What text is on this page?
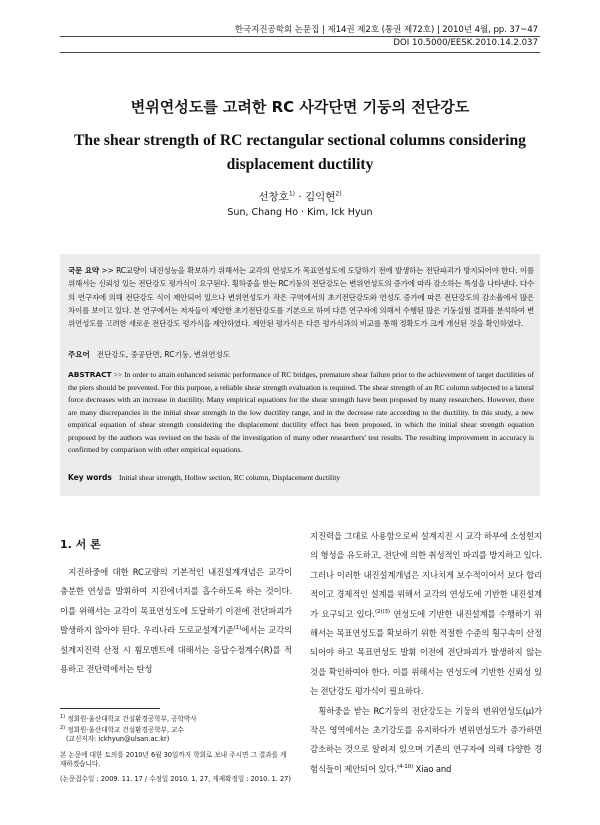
한국지진공학회 논문집 | 제14권 제2호 (통권 제72호) | 2010년 4월, pp. 37~47
DOI 10.5000/EESK.2010.14.2.037
변위연성도를 고려한 RC 사각단면 기둥의 전단강도
The shear strength of RC rectangular sectional columns considering displacement ductility
선창호$^{1)}$ · 김익현$^{2)}$
Sun, Chang Ho · Kim, Ick Hyun
국문 요약 >> RC교량이 내진성능을 확보하기 위해서는 교각의 연성도가 목표연성도에 도달하기 전에 발생하는 전단파괴가 방지되어야 한다. 이를 위해서는 신뢰성 있는 전단강도 평가식이 요구된다. 횡하중을 받는 RC기둥의 전단강도는 변위연성도의 증가에 따라 감소하는 특성을 나타낸다. 다수의 연구자에 의해 전단강도 식이 제안되어 있으나 변위연성도가 작은 구역에서의 초기전단강도와 연성도 증가에 따른 전단강도의 감소율에서 많은 차이를 보이고 있다. 본 연구에서는 저자들이 제안한 초기전단강도를 기본으로 하여 다른 연구자에 의해서 수행된 많은 기둥실험 결과를 분석하여 변위연성도를 고려한 새로운 전단강도 평가식을 제안하였다. 제안된 평가식은 다른 평가식과의 비교를 통해 정확도가 크게 개선된 것을 확인하였다.
주요어 전단강도, 중공단면, RC기둥, 변위연성도
ABSTRACT >> In order to attain enhanced seismic performance of RC bridges, premature shear failure prior to the achievement of target ductilities of the piers should be prevented. For this purpose, a reliable shear strength evaluation is required. The shear strength of an RC column subjected to a lateral force decreases with an increase in ductility. Many empirical equations for the shear strength have been proposed by many researchers. However, there are many discrepancies in the initial shear strength in the low ductility range, and in the decrease rate according to the ductility. In this study, a new empirical equation of shear strength considering the displacement ductility effect has been proposed, in which the initial shear strength equation proposed by the authors was revised on the basis of the investigation of many other researchers' test results. The resulting improvement in accuracy is confirmed by comparison with other empirical equations.
Key words Initial shear strength, Hollow section, RC column, Displacement ductility
1. 서 론

지진하중에 대한 RC교량의 기본적인 내진설계개념은 교각이 충분한 연성을 발휘하여 지진에너지를 흡수하도록 하는 것이다. 이를 위해서는 교각이 목표연성도에 도달하기 이전에 전단파괴가 발생하지 않아야 된다. 우리나라 도로교설계기준$^{(1)}$에서는 교각의 설계지진력 산정 시 휨모멘트에 대해서는 응답수정계수(R)를 적용하고 전단력에서는 탄성

지진력을 그대로 사용함으로써 설계지진 시 교각 하부에 소성힌지의 형성을 유도하고, 전단에 의한 취성적인 파괴를 방지하고 있다. 그러나 이러한 내진설계개념은 지나치게 보수적이어서 보다 합리적이고 경제적인 설계를 위해서 교각의 연성도에 기반한 내진설계가 요구되고 있다.$^{(2)(3)}$ 연성도에 기반한 내진설계를 수행하기 위해서는 목표연성도를 확보하기 위한 적절한 수준의 횡구속이 산정되어야 하고 목표연성도 발휘 이전에 전단파괴가 발생하지 않는 것을 확인하여야 한다. 이를 위해서는 연성도에 기반한 신뢰성 있는 전단강도 평가식이 필요하다.

횡하중을 받는 RC기둥의 전단강도는 기둥의 변위연성도(μ)가 작은 영역에서는 초기강도를 유지하다가 변위연성도가 증가하면 감소하는 것으로 알려져 있으며 기존의 연구자에 의해 다양한 경험식들이 제안되어 있다.$^{(4-10)}$ Xiao and

$^{1)}$ 정회원·울산대학교 건설환경공학부, 공학박사
$^{2)}$ 정회원·울산대학교 건설환경공학부, 교수
(교신저자: ickhyun@ulsan.ac.kr)
본 논문에 대한 토의를 2010년 6월 30일까지 학회로 보내 주시면 그 결과를 게재하겠습니다.
(논문접수일 : 2009. 11. 17 / 수정일 2010. 1. 27, 게재확정일 : 2010. 1. 27)
